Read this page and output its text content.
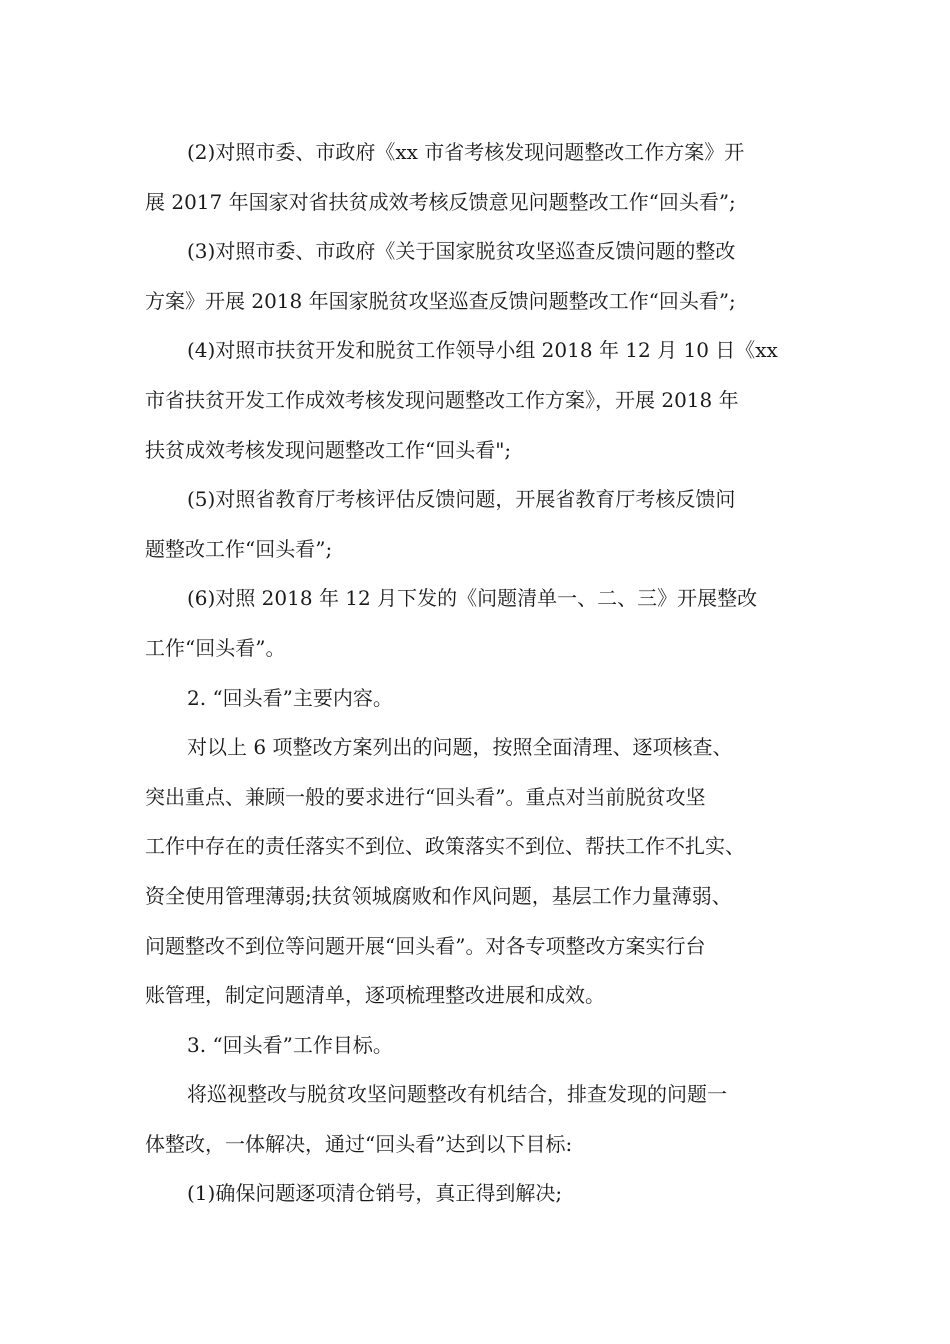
(2)对照市委、市政府《xx 市省考核发现问题整改工作方案》开
展 2017 年国家对省扶贫成效考核反馈意见问题整改工作“回头看”;
(3)对照市委、市政府《关于国家脱贫攻坚巡查反馈问题的整改
方案》开展 2018 年国家脱贫攻坚巡查反馈问题整改工作“回头看”;
(4)对照市扶贫开发和脱贫工作领导小组 2018 年 12 月 10 日《xx
市省扶贫开发工作成效考核发现问题整改工作方案》，开展 2018 年
扶贫成效考核发现问题整改工作“回头看";
(5)对照省教育厅考核评估反馈问题，开展省教育厅考核反馈问
题整改工作“回头看”;
(6)对照 2018 年 12 月下发的《问题清单一、二、三》开展整改
工作“回头看”。
2. “回头看”主要内容。
对以上 6 项整改方案列出的问题，按照全面清理、逐项核查、
突出重点、兼顾一般的要求进行“回头看”。重点对当前脱贫攻坚
工作中存在的责任落实不到位、政策落实不到位、帮扶工作不扎实、
资全使用管理薄弱;扶贫领城腐败和作风问题，基层工作力量薄弱、
问题整改不到位等问题开展“回头看”。对各专项整改方案实行台
账管理，制定问题清单，逐项梳理整改进展和成效。
3. “回头看”工作目标。
将巡视整改与脱贫攻坚问题整改有机结合，排查发现的问题一
体整改，一体解决，通过“回头看”达到以下目标:
(1)确保问题逐项清仓销号，真正得到解决;
